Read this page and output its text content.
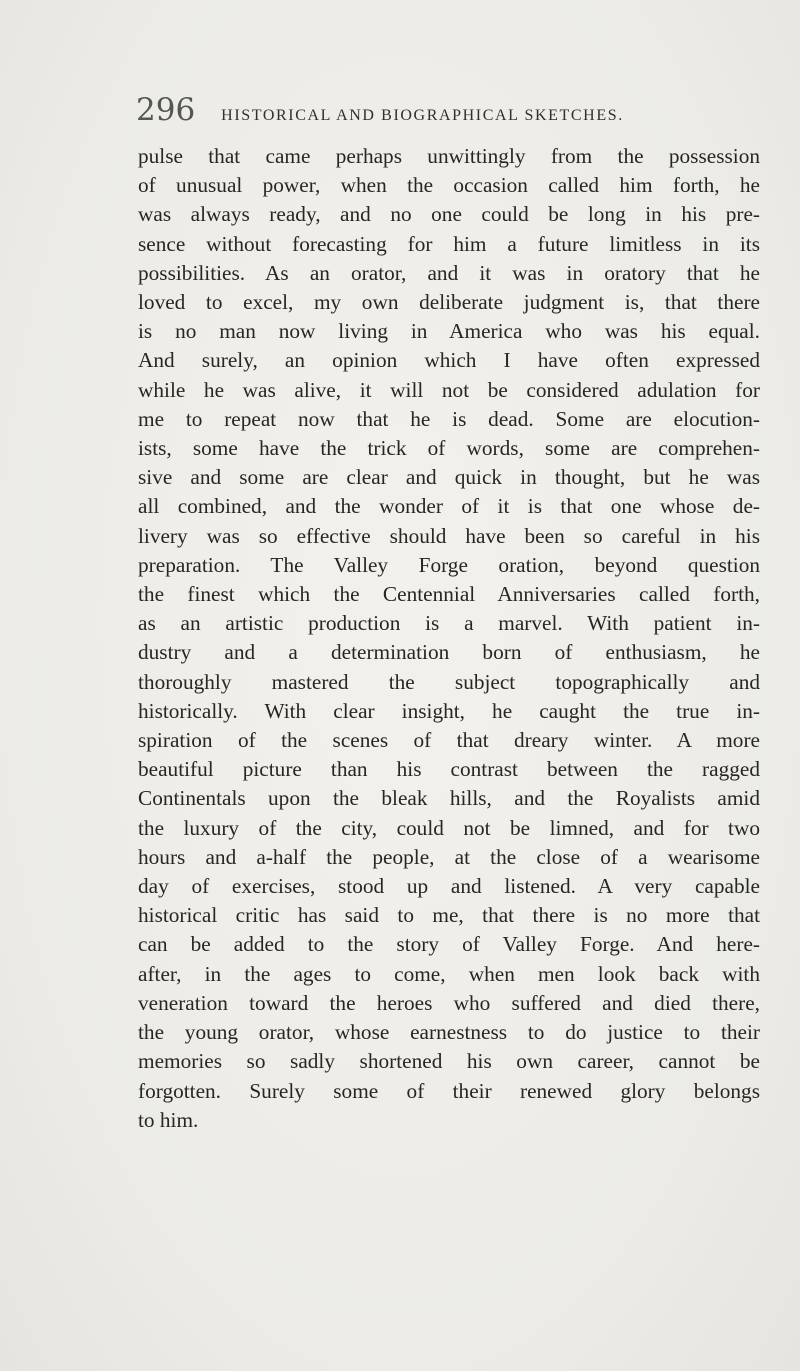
296 HISTORICAL AND BIOGRAPHICAL SKETCHES.
pulse that came perhaps unwittingly from the possession
of unusual power, when the occasion called him forth, he
was always ready, and no one could be long in his pre-
sence without forecasting for him a future limitless in its
possibilities. As an orator, and it was in oratory that he
loved to excel, my own deliberate judgment is, that there
is no man now living in America who was his equal.
And surely, an opinion which I have often expressed
while he was alive, it will not be considered adulation for
me to repeat now that he is dead. Some are elocution-
ists, some have the trick of words, some are comprehen-
sive and some are clear and quick in thought, but he was
all combined, and the wonder of it is that one whose de-
livery was so effective should have been so careful in his
preparation. The Valley Forge oration, beyond question
the finest which the Centennial Anniversaries called forth,
as an artistic production is a marvel. With patient in-
dustry and a determination born of enthusiasm, he
thoroughly mastered the subject topographically and
historically. With clear insight, he caught the true in-
spiration of the scenes of that dreary winter. A more
beautiful picture than his contrast between the ragged
Continentals upon the bleak hills, and the Royalists amid
the luxury of the city, could not be limned, and for two
hours and a-half the people, at the close of a wearisome
day of exercises, stood up and listened. A very capable
historical critic has said to me, that there is no more that
can be added to the story of Valley Forge. And here-
after, in the ages to come, when men look back with
veneration toward the heroes who suffered and died there,
the young orator, whose earnestness to do justice to their
memories so sadly shortened his own career, cannot be
forgotten. Surely some of their renewed glory belongs
to him.
